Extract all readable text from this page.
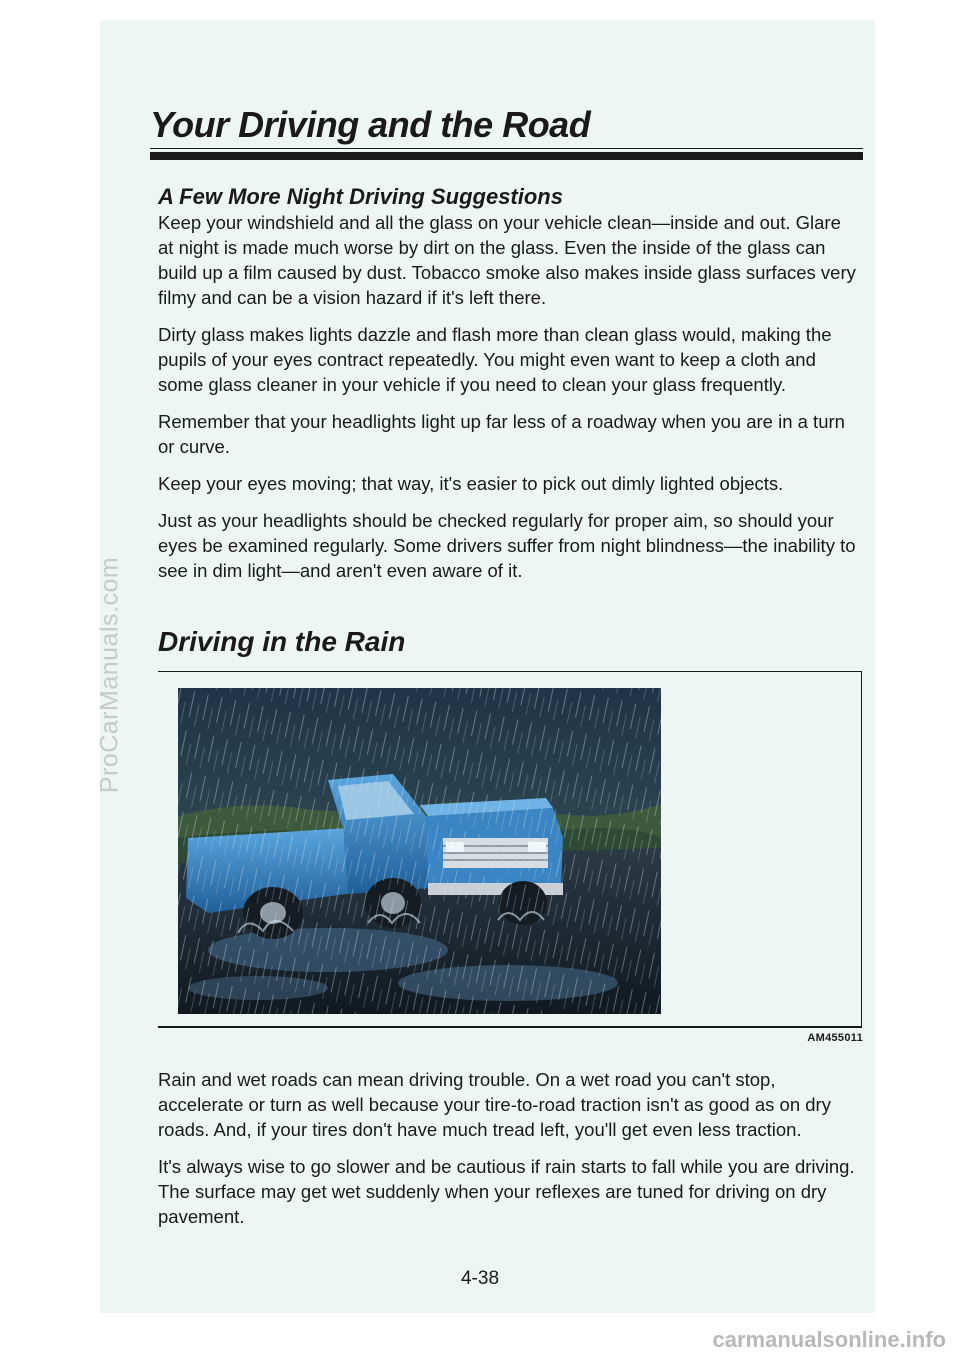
ProCarManuals.com
Your Driving and the Road
A Few More Night Driving Suggestions

Keep your windshield and all the glass on your vehicle clean—inside and out. Glare at night is made much worse by dirt on the glass. Even the inside of the glass can build up a film caused by dust. Tobacco smoke also makes inside glass surfaces very filmy and can be a vision hazard if it's left there.

Dirty glass makes lights dazzle and flash more than clean glass would, making the pupils of your eyes contract repeatedly. You might even want to keep a cloth and some glass cleaner in your vehicle if you need to clean your glass frequently.

Remember that your headlights light up far less of a roadway when you are in a turn or curve.

Keep your eyes moving; that way, it's easier to pick out dimly lighted objects.

Just as your headlights should be checked regularly for proper aim, so should your eyes be examined regularly. Some drivers suffer from night blindness—the inability to see in dim light—and aren't even aware of it.

Driving in the Rain
AM455011

Rain and wet roads can mean driving trouble. On a wet road you can't stop, accelerate or turn as well because your tire-to-road traction isn't as good as on dry roads. And, if your tires don't have much tread left, you'll get even less traction.

It's always wise to go slower and be cautious if rain starts to fall while you are driving. The surface may get wet suddenly when your reflexes are tuned for driving on dry pavement.

4-38

carmanualsonline.info
